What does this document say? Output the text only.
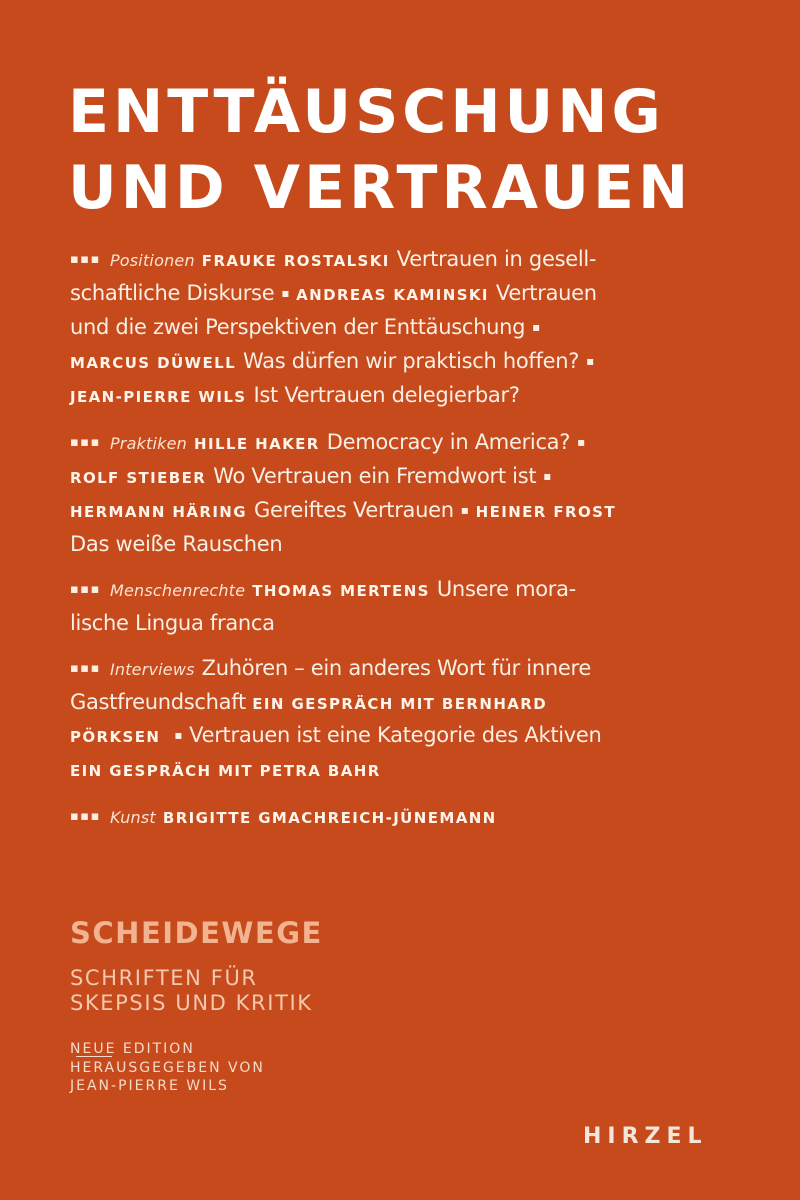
ENTTÄUSCHUNG
UND VERTRAUEN
▪▪▪ Positionen FRAUKE ROSTALSKI Vertrauen in gesell-
schaftliche Diskurse ▪ ANDREAS KAMINSKI Vertrauen
und die zwei Perspektiven der Enttäuschung ▪
MARCUS DÜWELL Was dürfen wir praktisch hoffen? ▪
JEAN-PIERRE WILS Ist Vertrauen delegierbar?
▪▪▪ Praktiken HILLE HAKER Democracy in America? ▪
ROLF STIEBER Wo Vertrauen ein Fremdwort ist ▪
HERMANN HÄRING Gereiftes Vertrauen ▪ HEINER FROST
Das weiße Rauschen
▪▪▪ Menschenrechte THOMAS MERTENS Unsere mora-
lische Lingua franca
▪▪▪ Interviews Zuhören – ein anderes Wort für innere
Gastfreundschaft EIN GESPRÄCH MIT BERNHARD
PÖRKSEN ▪ Vertrauen ist eine Kategorie des Aktiven
EIN GESPRÄCH MIT PETRA BAHR
▪▪▪ Kunst BRIGITTE GMACHREICH-JÜNEMANN
SCHEIDEWEGE
SCHRIFTEN FÜR
SKEPSIS UND KRITIK
NEUE EDITION
HERAUSGEGEBEN VON
JEAN-PIERRE WILS
HIRZEL
